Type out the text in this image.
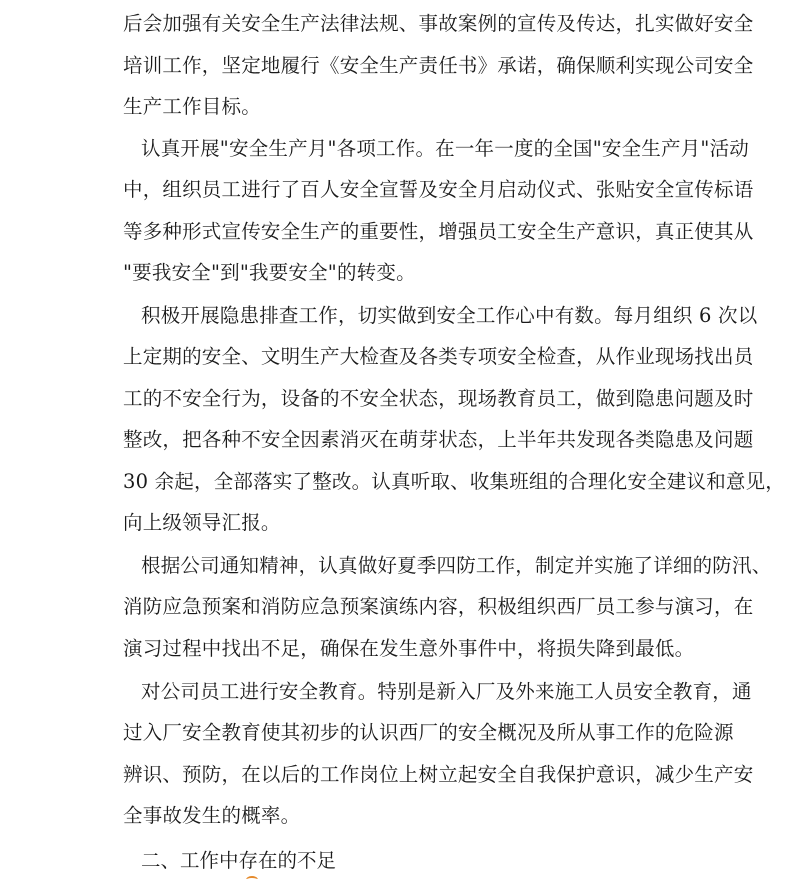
后会加强有关安全生产法律法规、事故案例的宣传及传达，扎实做好安全
培训工作，坚定地履行《安全生产责任书》承诺，确保顺利实现公司安全
生产工作目标。
认真开展"安全生产月"各项工作。在一年一度的全国"安全生产月"活动
中，组织员工进行了百人安全宣誓及安全月启动仪式、张贴安全宣传标语
等多种形式宣传安全生产的重要性，增强员工安全生产意识，真正使其从
"要我安全"到"我要安全"的转变。
积极开展隐患排查工作，切实做到安全工作心中有数。每月组织 6 次以
上定期的安全、文明生产大检查及各类专项安全检查，从作业现场找出员
工的不安全行为，设备的不安全状态，现场教育员工，做到隐患问题及时
整改，把各种不安全因素消灭在萌芽状态，上半年共发现各类隐患及问题
30 余起，全部落实了整改。认真听取、收集班组的合理化安全建议和意见，
向上级领导汇报。
根据公司通知精神，认真做好夏季四防工作，制定并实施了详细的防汛、
消防应急预案和消防应急预案演练内容，积极组织西厂员工参与演习，在
演习过程中找出不足，确保在发生意外事件中，将损失降到最低。
对公司员工进行安全教育。特别是新入厂及外来施工人员安全教育，通
过入厂安全教育使其初步的认识西厂的安全概况及所从事工作的危险源
辨识、预防，在以后的工作岗位上树立起安全自我保护意识，减少生产安
全事故发生的概率。
二、工作中存在的不足
